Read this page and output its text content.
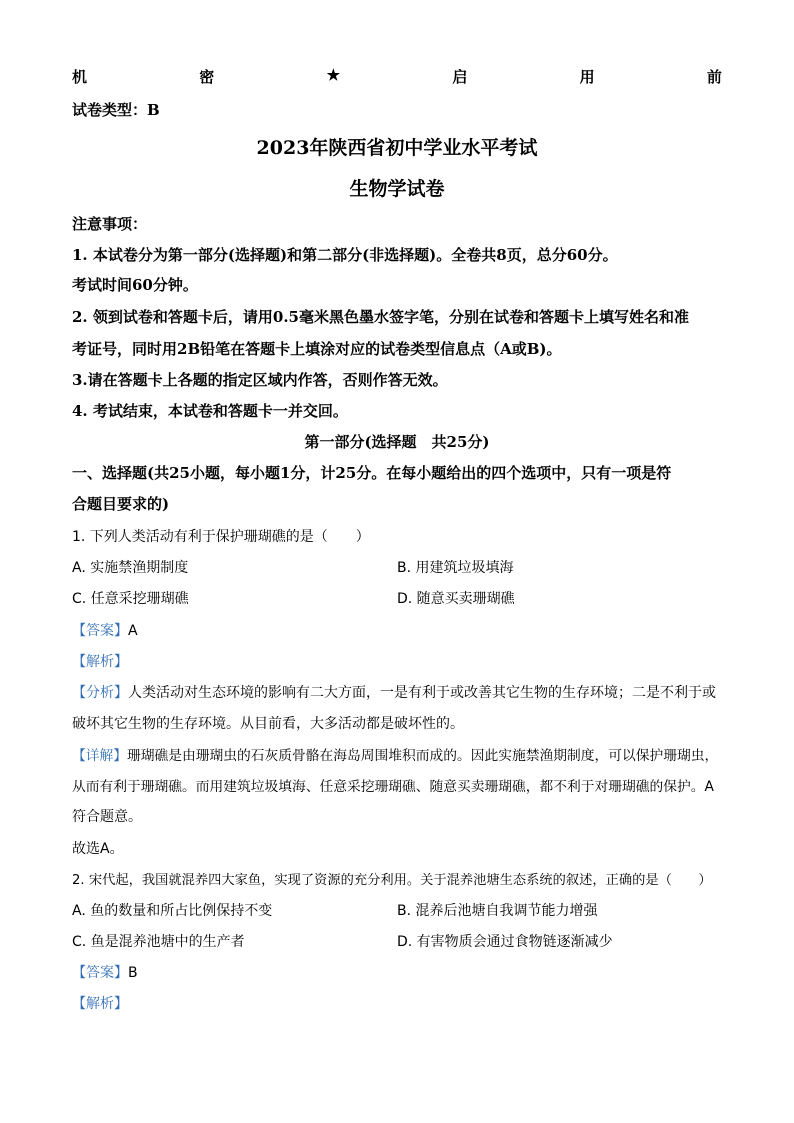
机	密	★	启	用	前
试卷类型：B
2023年陕西省初中学业水平考试
生物学试卷
注意事项：
1. 本试卷分为第一部分(选择题)和第二部分(非选择题)。全卷共8页，总分60分。
考试时间60分钟。
2. 领到试卷和答题卡后，请用0.5毫米黑色墨水签字笔，分别在试卷和答题卡上填写姓名和准
考证号，同时用2B铅笔在答题卡上填涂对应的试卷类型信息点（A或B)。
3.请在答题卡上各题的指定区域内作答，否则作答无效。
4. 考试结束，本试卷和答题卡一并交回。
第一部分(选择题　共25分)
一、选择题(共25小题，每小题1分，计25分。在每小题给出的四个选项中，只有一项是符
合题目要求的)
1. 下列人类活动有利于保护珊瑚礁的是（　　）
A. 实施禁渔期制度	B. 用建筑垃圾填海
C. 任意采挖珊瑚礁	D. 随意买卖珊瑚礁
【答案】A
【解析】
【分析】人类活动对生态环境的影响有二大方面，一是有利于或改善其它生物的生存环境；二是不利于或
破坏其它生物的生存环境。从目前看，大多活动都是破坏性的。
【详解】珊瑚礁是由珊瑚虫的石灰质骨骼在海岛周围堆积而成的。因此实施禁渔期制度，可以保护珊瑚虫，
从而有利于珊瑚礁。而用建筑垃圾填海、任意采挖珊瑚礁、随意买卖珊瑚礁，都不利于对珊瑚礁的保护。A
符合题意。
故选A。
2. 宋代起，我国就混养四大家鱼，实现了资源的充分利用。关于混养池塘生态系统的叙述，正确的是（　　）
A. 鱼的数量和所占比例保持不变	B. 混养后池塘自我调节能力增强
C. 鱼是混养池塘中的生产者	D. 有害物质会通过食物链逐渐减少
【答案】B
【解析】
